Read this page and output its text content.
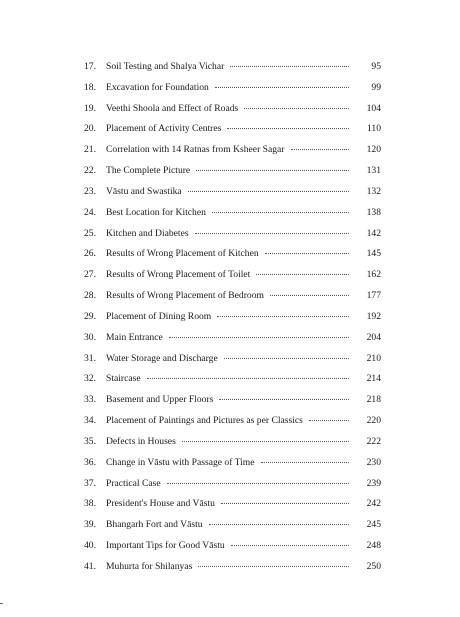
17.	Soil Testing and Shalya Vichar	95
18.	Excavation for Foundation	99
19.	Veethi Shoola and Effect of Roads	104
20.	Placement of Activity Centres	110
21.	Correlation with 14 Ratnas from Ksheer Sagar	120
22.	The Complete Picture	131
23.	Vāstu and Swastika	132
24.	Best Location for Kitchen	138
25.	Kitchen and Diabetes	142
26.	Results of Wrong Placement of Kitchen	145
27.	Results of Wrong Placement of Toilet	162
28.	Results of Wrong Placement of Bedroom	177
29.	Placement of Dining Room	192
30.	Main Entrance	204
31.	Water Storage and Discharge	210
32.	Staircase	214
33.	Basement and Upper Floors	218
34.	Placement of Paintings and Pictures as per Classics	220
35.	Defects in Houses	222
36.	Change in Vāstu with Passage of Time	230
37.	Practical Case	239
38.	President's House and Vāstu	242
39.	Bhangarh Fort and Vāstu	245
40.	Important Tips for Good Vāstu	248
41.	Muhurta for Shilanyas	250
